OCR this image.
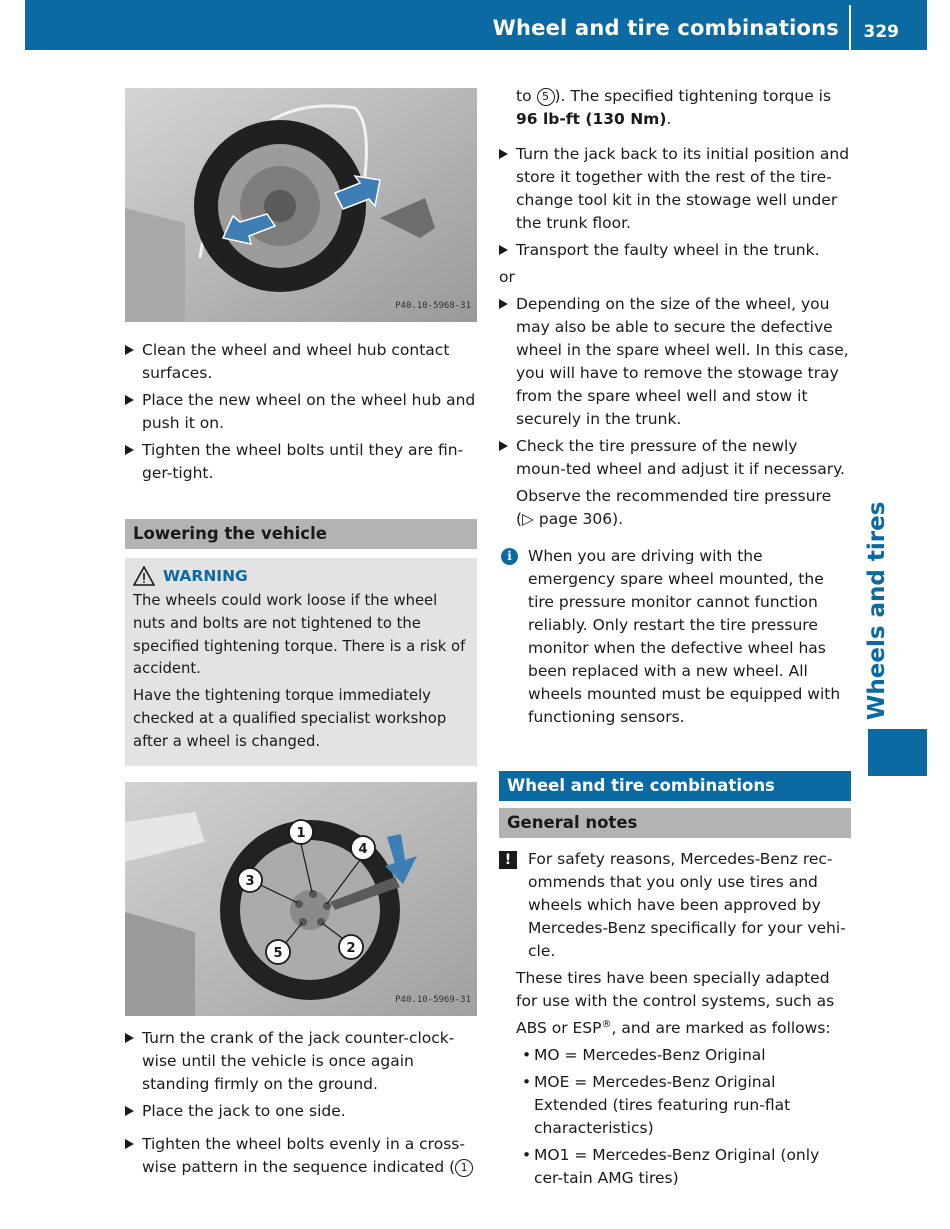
Wheel and tire combinations 329
Wheels and tires
P40.10-5968-31
Clean the wheel and wheel hub contact surfaces.
Place the new wheel on the wheel hub and push it on.
Tighten the wheel bolts until they are fin-ger-tight.
Lowering the vehicle
WARNING

The wheels could work loose if the wheel nuts and bolts are not tightened to the specified tightening torque. There is a risk of accident.

Have the tightening torque immediately checked at a qualified specialist workshop after a wheel is changed.

1
2
3
4
5
P40.10-5969-31
Turn the crank of the jack counter-clock-wise until the vehicle is once again standing firmly on the ground.
Place the jack to one side.
Tighten the wheel bolts evenly in a cross-wise pattern in the sequence indicated ( 1

to 5 ). The specified tightening torque is 96 lb-ft (130 Nm).

Turn the jack back to its initial position and store it together with the rest of the tire-change tool kit in the stowage well under the trunk floor.
Transport the faulty wheel in the trunk.

or

Depending on the size of the wheel, you may also be able to secure the defective wheel in the spare wheel well. In this case, you will have to remove the stowage tray from the spare wheel well and stow it securely in the trunk.
Check the tire pressure of the newly moun-ted wheel and adjust it if necessary.

Observe the recommended tire pressure (▷ page 306).

i	When you are driving with the emergency spare wheel mounted, the tire pressure monitor cannot function reliably. Only restart the tire pressure monitor when the defective wheel has been replaced with a new wheel. All wheels mounted must be equipped with functioning sensors.
Wheel and tire combinations
General notes
!	For safety reasons, Mercedes-Benz rec-ommends that you only use tires and wheels which have been approved by Mercedes-Benz specifically for your vehi-cle.

These tires have been specially adapted for use with the control systems, such as ABS or ESP®, and are marked as follows:

• MO = Mercedes-Benz Original
• MOE = Mercedes-Benz Original Extended (tires featuring run-flat characteristics)
• MO1 = Mercedes-Benz Original (only cer-tain AMG tires)
